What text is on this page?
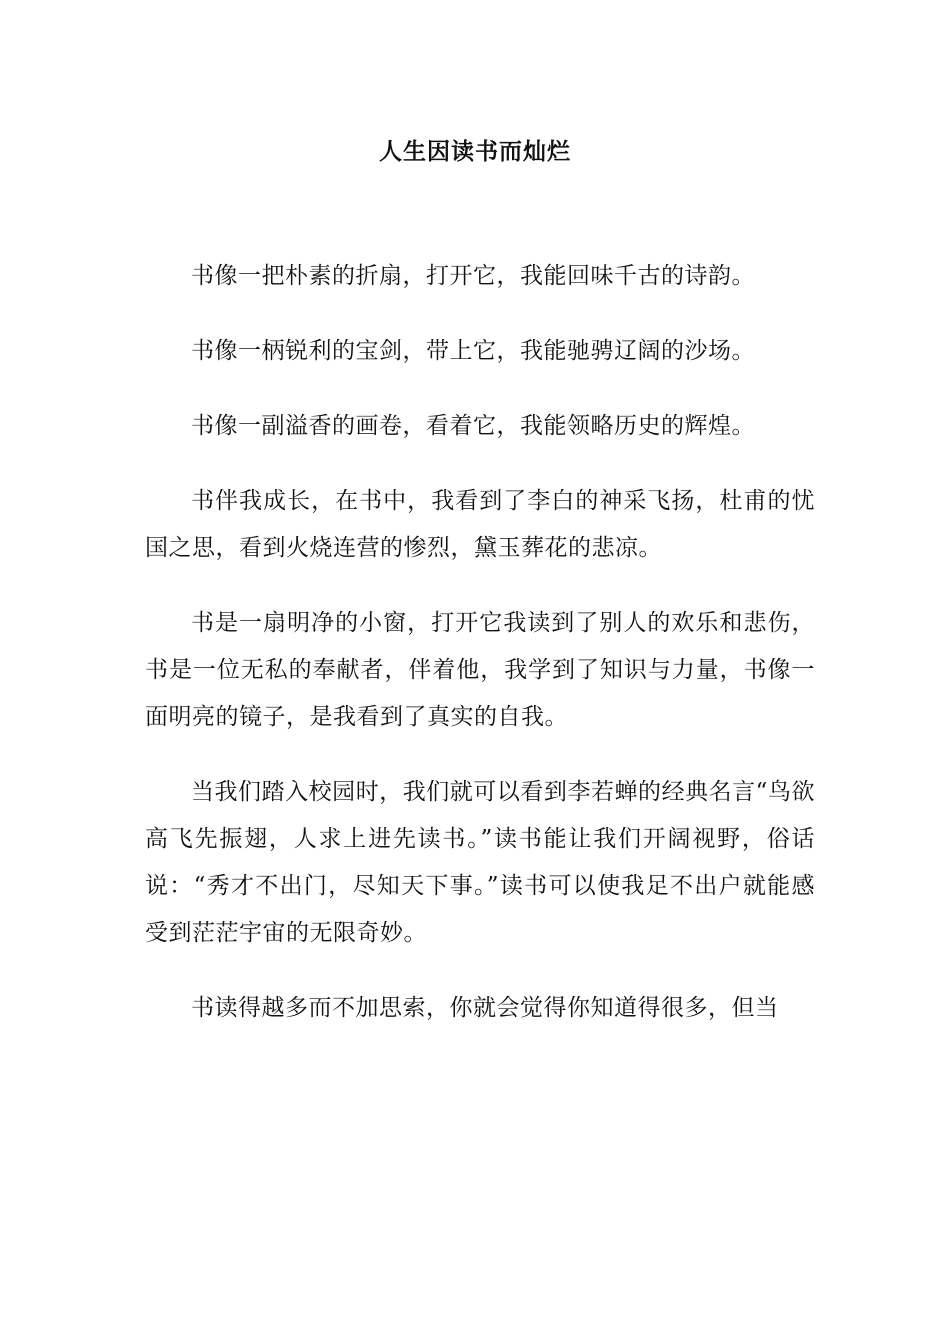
人生因读书而灿烂

书像一把朴素的折扇，打开它，我能回味千古的诗韵。

书像一柄锐利的宝剑，带上它，我能驰骋辽阔的沙场。

书像一副溢香的画卷，看着它，我能领略历史的辉煌。

书伴我成长，在书中，我看到了李白的神采飞扬，杜甫的忧国之思，看到火烧连营的惨烈，黛玉葬花的悲凉。

书是一扇明净的小窗，打开它我读到了别人的欢乐和悲伤，书是一位无私的奉献者，伴着他，我学到了知识与力量，书像一面明亮的镜子，是我看到了真实的自我。

当我们踏入校园时，我们就可以看到李若蝉的经典名言“鸟欲高飞先振翅，人求上进先读书。”读书能让我们开阔视野，俗话说：“秀才不出门，尽知天下事。”读书可以使我足不出户就能感受到茫茫宇宙的无限奇妙。

书读得越多而不加思索，你就会觉得你知道得很多，但当
